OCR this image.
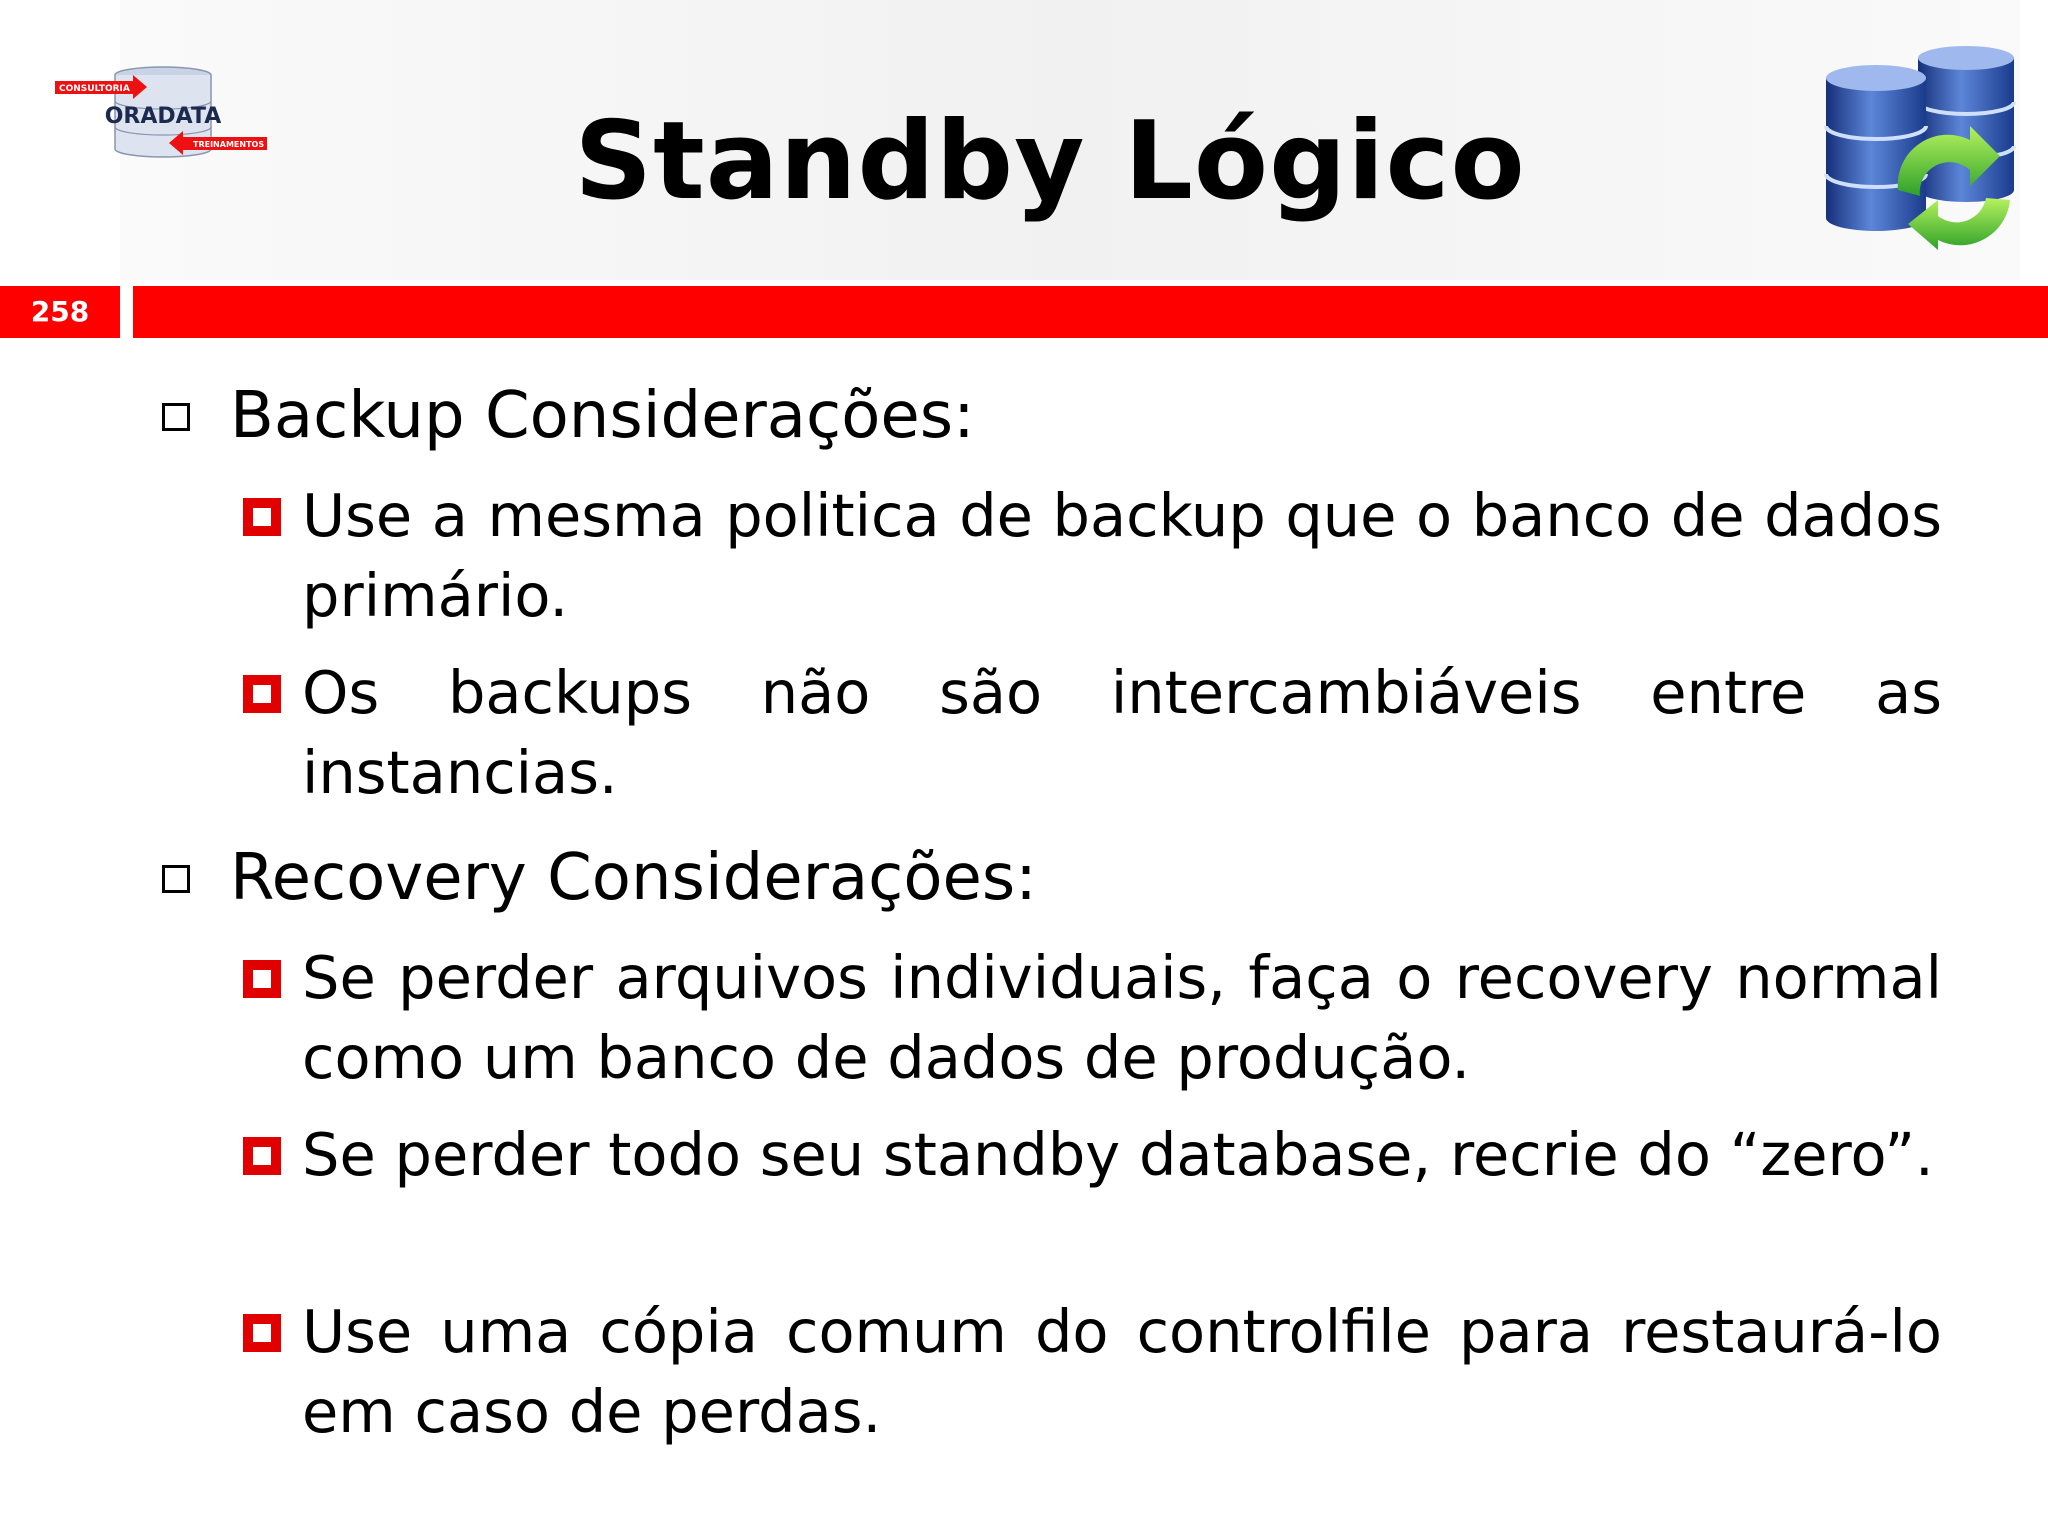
CONSULTORIA
ORADATA
TREINAMENTOS	Standby Lógico
258
Backup Considerações:
Use a mesma politica de backup que o banco de dados primário.
Os backups não são intercambiáveis entre as instancias.
Recovery Considerações:
Se perder arquivos individuais, faça o recovery normal como um banco de dados de produção.
Se perder todo seu standby database, recrie do “zero”.
Use uma cópia comum do controlfile para restaurá-lo em caso de perdas.
